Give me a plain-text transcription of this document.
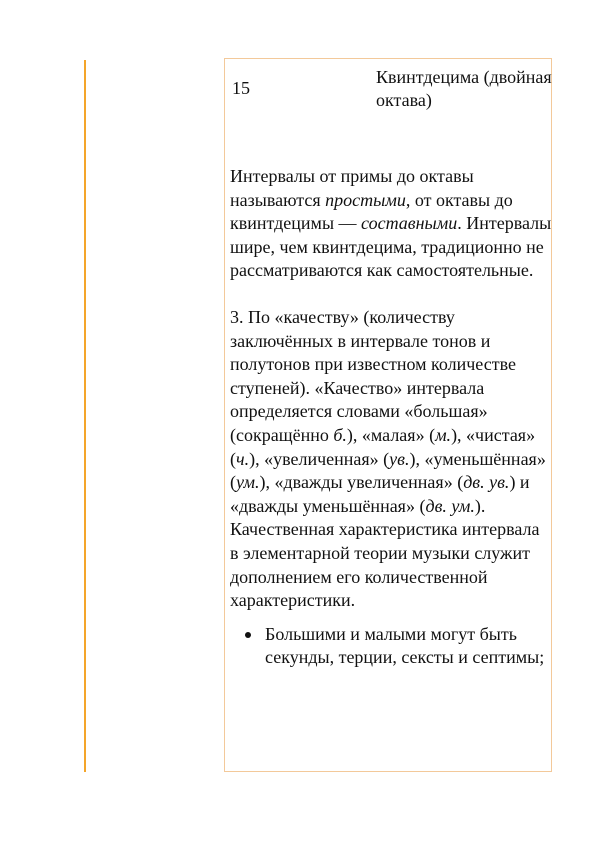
15
Квинтдецима (двойная октава)

Интервалы от примы до октавы называются простыми, от октавы до квинтдецимы — составными. Интервалы шире, чем квинтдецима, традиционно не рассматриваются как самостоятельные.

3. По «качеству» (количеству заключённых в интервале тонов и полутонов при известном количестве ступеней). «Качество» интервала определяется словами «большая» (сокращённо б.), «малая» (м.), «чистая» (ч.), «увеличенная» (ув.), «уменьшённая» (ум.), «дважды увеличенная» (дв. ув.) и «дважды уменьшённая» (дв. ум.). Качественная характеристика интервала в элементарной теории музыки служит дополнением его количественной характеристики.

Большими и малыми могут быть секунды, терции, сексты и септимы;
